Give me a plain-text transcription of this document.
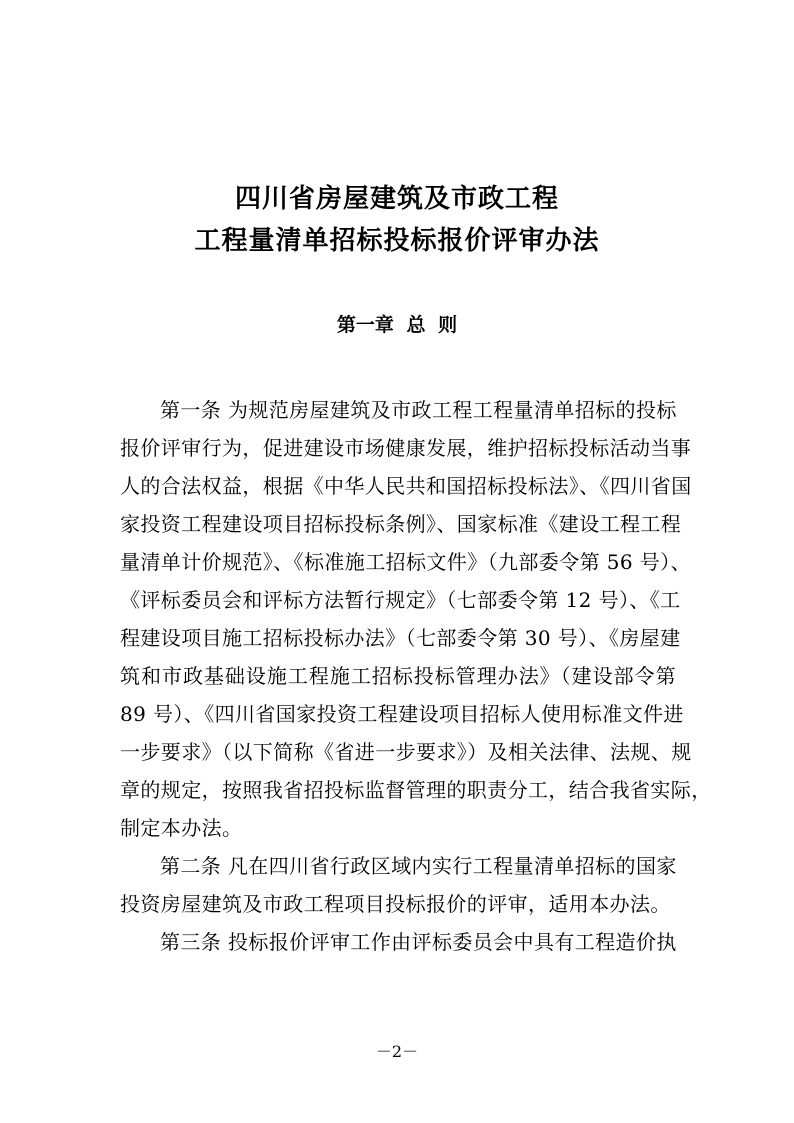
四川省房屋建筑及市政工程
工程量清单招标投标报价评审办法
第一章 总 则
第一条 为规范房屋建筑及市政工程工程量清单招标的投标
报价评审行为，促进建设市场健康发展，维护招标投标活动当事
人的合法权益，根据《中华人民共和国招标投标法》、《四川省国
家投资工程建设项目招标投标条例》、国家标准《建设工程工程
量清单计价规范》、《标准施工招标文件》（九部委令第 56 号）、
《评标委员会和评标方法暂行规定》（七部委令第 12 号）、《工
程建设项目施工招标投标办法》（七部委令第 30 号）、《房屋建
筑和市政基础设施工程施工招标投标管理办法》（建设部令第
89 号）、《四川省国家投资工程建设项目招标人使用标准文件进
一步要求》（以下简称《省进一步要求》）及相关法律、法规、规
章的规定，按照我省招投标监督管理的职责分工，结合我省实际，
制定本办法。
第二条 凡在四川省行政区域内实行工程量清单招标的国家
投资房屋建筑及市政工程项目投标报价的评审，适用本办法。
第三条 投标报价评审工作由评标委员会中具有工程造价执
－2－
